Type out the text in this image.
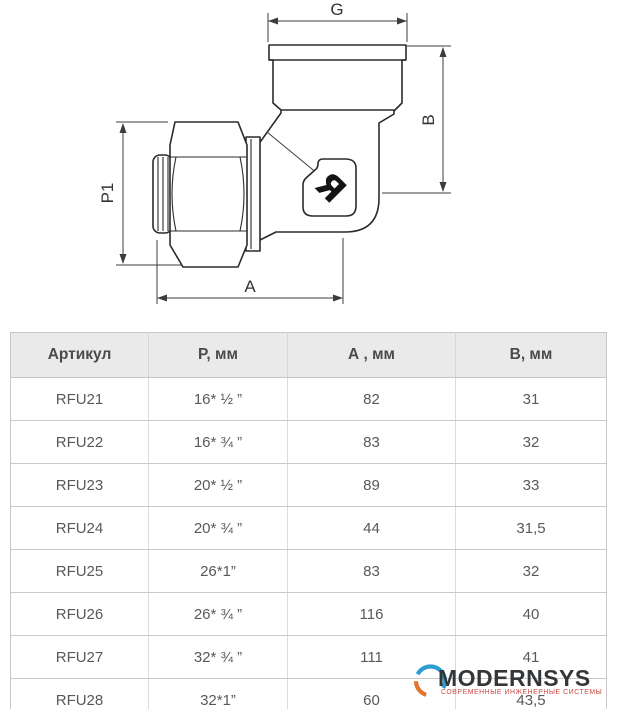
Я
G
B
P1
A
Артикул	P, мм	А , мм	В, мм
RFU21	16* ½ ”	82	31
RFU22	16* ¾ ”	83	32
RFU23	20* ½ ”	89	33
RFU24	20* ¾ ”	44	31,5
RFU25	26*1”	83	32
RFU26	26* ¾ ”	116	40
RFU27	32* ¾ ”	111	41
RFU28	32*1”	60	43,5
MODERNSYS
СОВРЕМЕННЫЕ ИНЖЕНЕРНЫЕ СИСТЕМЫ
